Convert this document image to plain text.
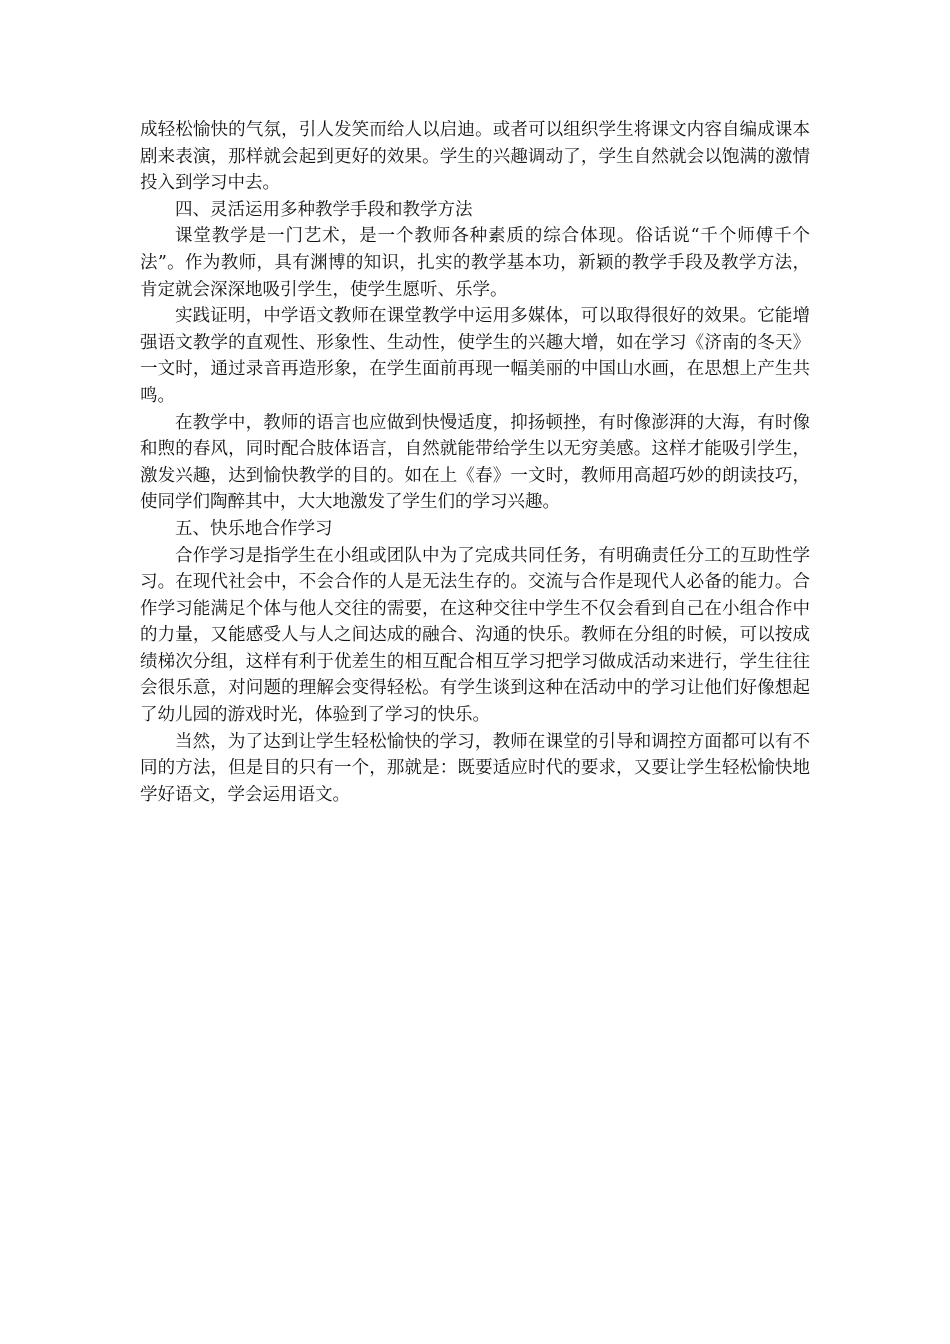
成轻松愉快的气氛，引人发笑而给人以启迪。或者可以组织学生将课文内容自编成课本剧来表演，那样就会起到更好的效果。学生的兴趣调动了，学生自然就会以饱满的激情投入到学习中去。

四、灵活运用多种教学手段和教学方法

课堂教学是一门艺术，是一个教师各种素质的综合体现。俗话说“千个师傅千个法”。作为教师，具有渊博的知识，扎实的教学基本功，新颖的教学手段及教学方法，肯定就会深深地吸引学生，使学生愿听、乐学。

实践证明，中学语文教师在课堂教学中运用多媒体，可以取得很好的效果。它能增强语文教学的直观性、形象性、生动性，使学生的兴趣大增，如在学习《济南的冬天》一文时，通过录音再造形象，在学生面前再现一幅美丽的中国山水画，在思想上产生共鸣。

在教学中，教师的语言也应做到快慢适度，抑扬顿挫，有时像澎湃的大海，有时像和煦的春风，同时配合肢体语言，自然就能带给学生以无穷美感。这样才能吸引学生，激发兴趣，达到愉快教学的目的。如在上《春》一文时，教师用高超巧妙的朗读技巧，使同学们陶醉其中，大大地激发了学生们的学习兴趣。

五、快乐地合作学习

合作学习是指学生在小组或团队中为了完成共同任务，有明确责任分工的互助性学习。在现代社会中，不会合作的人是无法生存的。交流与合作是现代人必备的能力。合作学习能满足个体与他人交往的需要，在这种交往中学生不仅会看到自己在小组合作中的力量，又能感受人与人之间达成的融合、沟通的快乐。教师在分组的时候，可以按成绩梯次分组，这样有利于优差生的相互配合相互学习把学习做成活动来进行，学生往往会很乐意，对问题的理解会变得轻松。有学生谈到这种在活动中的学习让他们好像想起了幼儿园的游戏时光，体验到了学习的快乐。

当然，为了达到让学生轻松愉快的学习，教师在课堂的引导和调控方面都可以有不同的方法，但是目的只有一个，那就是：既要适应时代的要求，又要让学生轻松愉快地学好语文，学会运用语文。
